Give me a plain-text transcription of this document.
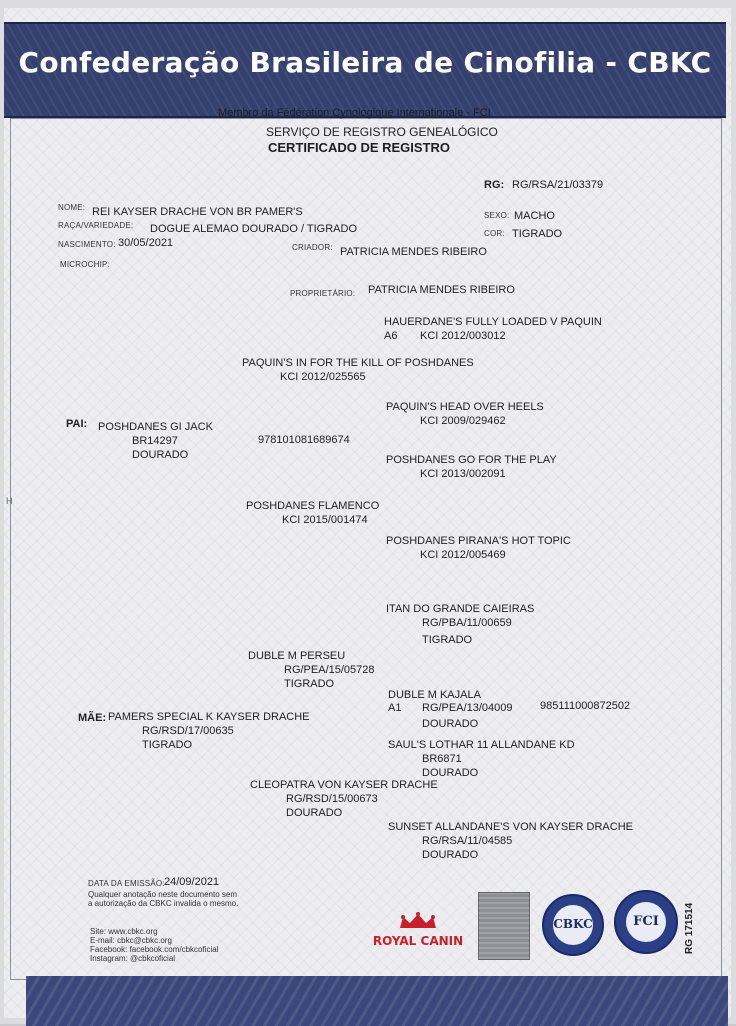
Confederação Brasileira de Cinofilia - CBKC
Membro da Fédération Cynologique Internationale - FCI
SERVIÇO DE REGISTRO GENEALÓGICO
CERTIFICADO DE REGISTRO
RG: RG/RSA/21/03379
NOME: REI KAYSER DRACHE VON BR PAMER'S
RAÇA/VARIEDADE: DOGUE ALEMAO DOURADO / TIGRADO
NASCIMENTO: 30/05/2021	CRIADOR: PATRICIA MENDES RIBEIRO
MICROCHIP:
SEXO: MACHO
COR: TIGRADO
PROPRIETÁRIO: PATRICIA MENDES RIBEIRO
HAUERDANE'S FULLY LOADED V PAQUIN
A6 KCI 2012/003012
PAQUIN'S IN FOR THE KILL OF POSHDANES
KCI 2012/025565
PAQUIN'S HEAD OVER HEELS
KCI 2009/029462
PAI: POSHDANES GI JACK
BR14297
DOURADO
978101081689674
POSHDANES GO FOR THE PLAY
KCI 2013/002091
POSHDANES FLAMENCO
KCI 2015/001474
POSHDANES PIRANA'S HOT TOPIC
KCI 2012/005469
ITAN DO GRANDE CAIEIRAS
RG/PBA/11/00659
TIGRADO
DUBLE M PERSEU
RG/PEA/15/05728
TIGRADO
DUBLE M KAJALA
A1 RG/PEA/13/04009 985111000872502
DOURADO
MÃE: PAMERS SPECIAL K KAYSER DRACHE
RG/RSD/17/00635
TIGRADO	SAUL'S LOTHAR 11 ALLANDANE KD
BR6871
DOURADO
CLEOPATRA VON KAYSER DRACHE
RG/RSD/15/00673
DOURADO
SUNSET ALLANDANE'S VON KAYSER DRACHE
RG/RSA/11/04585
DOURADO
DATA DA EMISSÃO: 24/09/2021
Qualquer anotação neste documento sem
a autorização da CBKC invalida o mesmo.
Site: www.cbkc.org
E-mail: cbkc@cbkc.org
Facebook: facebook.com/cbkcoficial
Instagram: @cbkcoficial
ROYAL CANIN
CBKC	FCI	RG 171514
H
